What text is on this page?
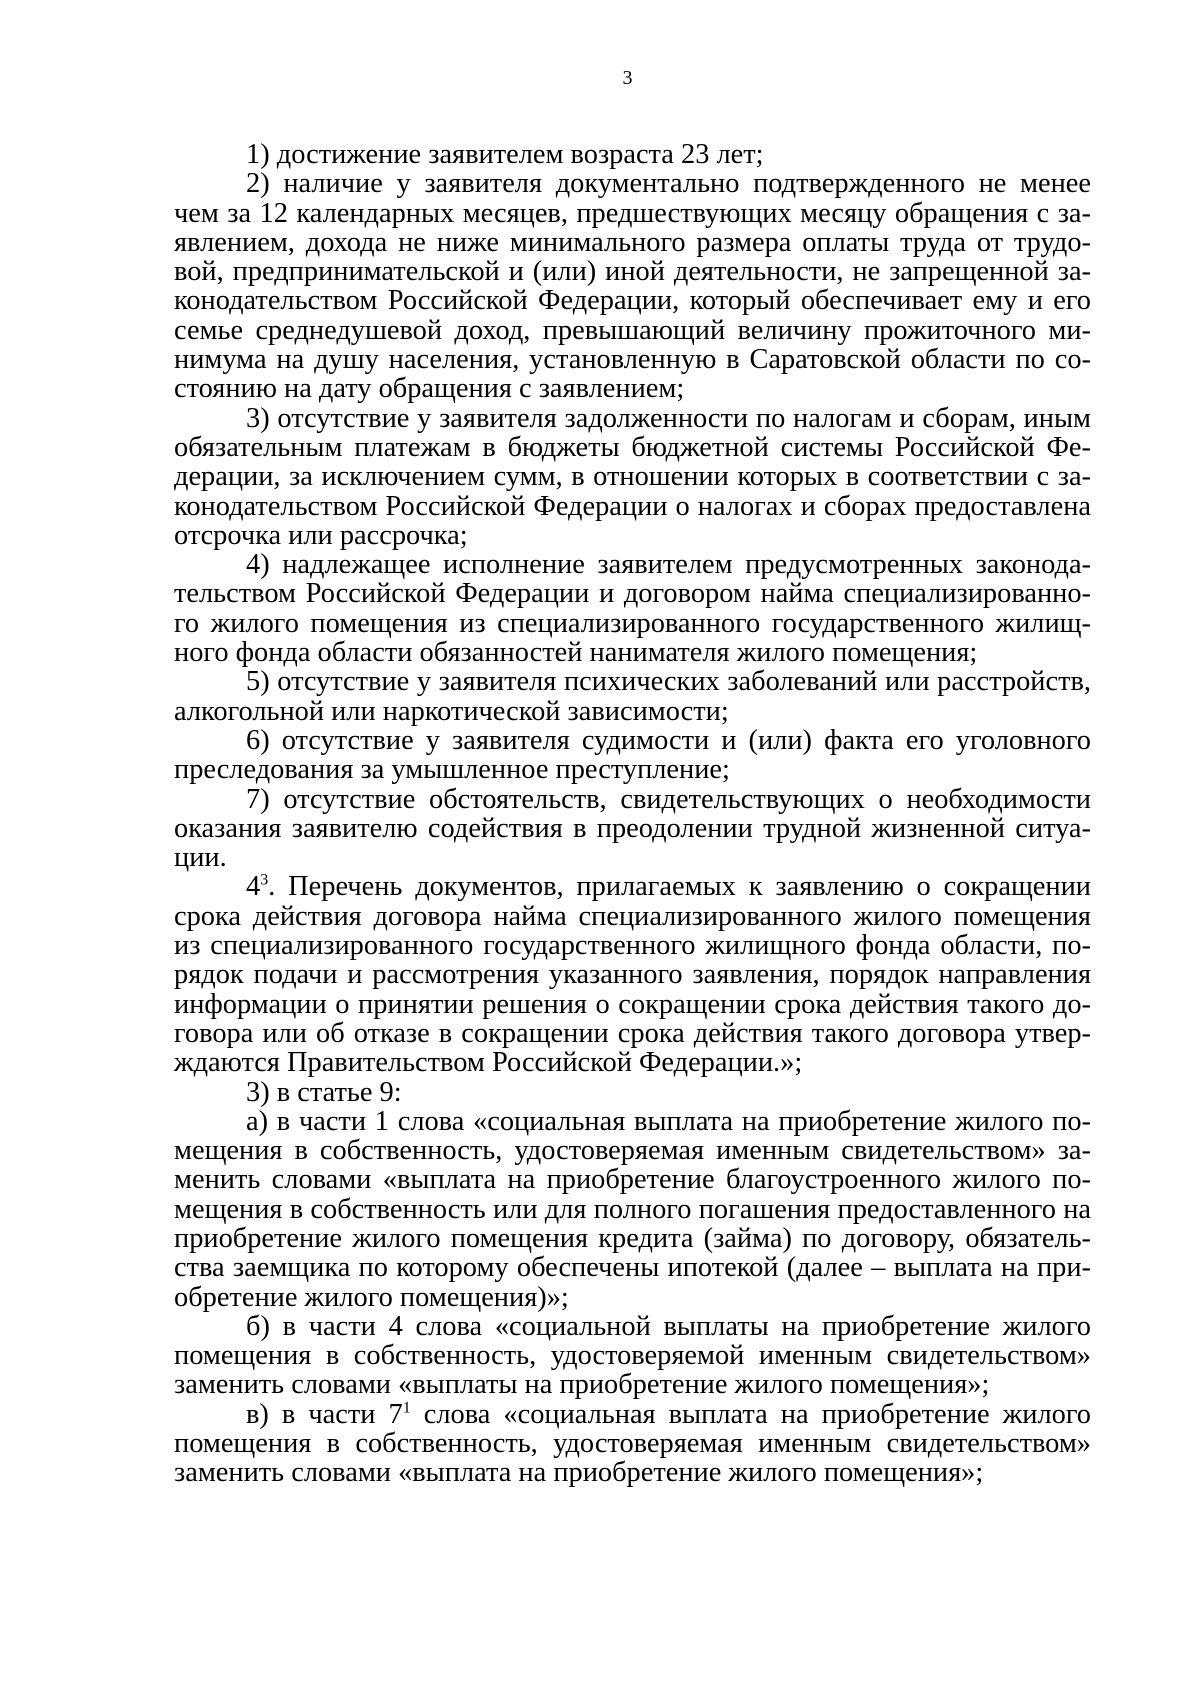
3
1) достижение заявителем возраста 23 лет;
2) наличие у заявителя документально подтвержденного не менее
чем за 12 календарных месяцев, предшествующих месяцу обращения с за-
явлением, дохода не ниже минимального размера оплаты труда от трудо-
вой, предпринимательской и (или) иной деятельности, не запрещенной за-
конодательством Российской Федерации, который обеспечивает ему и его
семье среднедушевой доход, превышающий величину прожиточного ми-
нимума на душу населения, установленную в Саратовской области по со-
стоянию на дату обращения с заявлением;
3) отсутствие у заявителя задолженности по налогам и сборам, иным
обязательным платежам в бюджеты бюджетной системы Российской Фе-
дерации, за исключением сумм, в отношении которых в соответствии с за-
конодательством Российской Федерации о налогах и сборах предоставлена
отсрочка или рассрочка;
4) надлежащее исполнение заявителем предусмотренных законода-
тельством Российской Федерации и договором найма специализированно-
го жилого помещения из специализированного государственного жилищ-
ного фонда области обязанностей нанимателя жилого помещения;
5) отсутствие у заявителя психических заболеваний или расстройств,
алкогольной или наркотической зависимости;
6) отсутствие у заявителя судимости и (или) факта его уголовного
преследования за умышленное преступление;
7) отсутствие обстоятельств, свидетельствующих о необходимости
оказания заявителю содействия в преодолении трудной жизненной ситуа-
ции.
$4^3$. Перечень документов, прилагаемых к заявлению о сокращении
срока действия договора найма специализированного жилого помещения
из специализированного государственного жилищного фонда области, по-
рядок подачи и рассмотрения указанного заявления, порядок направления
информации о принятии решения о сокращении срока действия такого до-
говора или об отказе в сокращении срока действия такого договора утвер-
ждаются Правительством Российской Федерации.»;
3) в статье 9:
а) в части 1 слова «социальная выплата на приобретение жилого по-
мещения в собственность, удостоверяемая именным свидетельством» за-
менить словами «выплата на приобретение благоустроенного жилого по-
мещения в собственность или для полного погашения предоставленного на
приобретение жилого помещения кредита (займа) по договору, обязатель-
ства заемщика по которому обеспечены ипотекой (далее – выплата на при-
обретение жилого помещения)»;
б) в части 4 слова «социальной выплаты на приобретение жилого
помещения в собственность, удостоверяемой именным свидетельством»
заменить словами «выплаты на приобретение жилого помещения»;
в) в части $7^1$ слова «социальная выплата на приобретение жилого
помещения в собственность, удостоверяемая именным свидетельством»
заменить словами «выплата на приобретение жилого помещения»;
